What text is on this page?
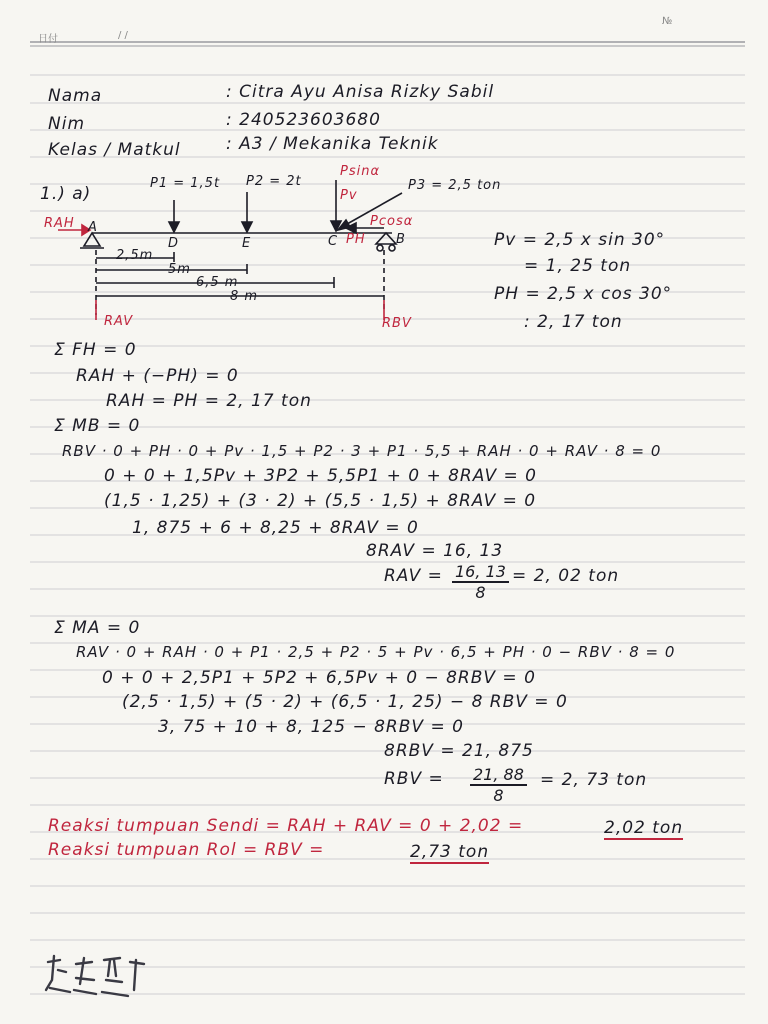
日付	/ /
№
Nama	: Citra Ayu Anisa Rizky Sabil
Nim	: 240523603680
Kelas / Matkul	: A3 / Mekanika Teknik
1.) a)
P1 = 1,5t P2 = 2t	P3 = 2,5 ton
Psinα
Pv
Pcosα
PH
RAH A
D	E	C	B
2,5m
5m
6,5 m
8 m
RAV	RBV
Pv = 2,5 x sin 30°
= 1, 25 ton
PH = 2,5 x cos 30°
: 2, 17 ton
Σ FH = 0
RAH + (−PH) = 0
RAH = PH = 2, 17 ton
Σ MB = 0
RBV · 0 + PH · 0 + Pv · 1,5 + P2 · 3 + P1 · 5,5 + RAH · 0 + RAV · 8 = 0
0 + 0 + 1,5Pv + 3P2 + 5,5P1 + 0 + 8RAV = 0
(1,5 · 1,25) + (3 · 2) + (5,5 · 1,5) + 8RAV = 0
1, 875 + 6 + 8,25 + 8RAV = 0
8RAV = 16, 13
RAV = $\frac{16, 13}{8} = 2$, 02 ton
Σ MA = 0
RAV · 0 + RAH · 0 + P1 · 2,5 + P2 · 5 + Pv · 6,5 + PH · 0 − RBV · 8 = 0
0 + 0 + 2,5P1 + 5P2 + 6,5Pv + 0 − 8RBV = 0
(2,5 · 1,5) + (5 · 2) + (6,5 · 1, 25) − 8 RBV = 0
3, 75 + 10 + 8, 125 − 8RBV = 0
8RBV = 21, 875
RBV = $\frac{21, 88}{8} = 2$, 73 ton
Reaksi tumpuan Sendi = RAH + RAV = 0 + 2,02 =	2,02 ton
Reaksi tumpuan Rol = RBV =	2,73 ton
